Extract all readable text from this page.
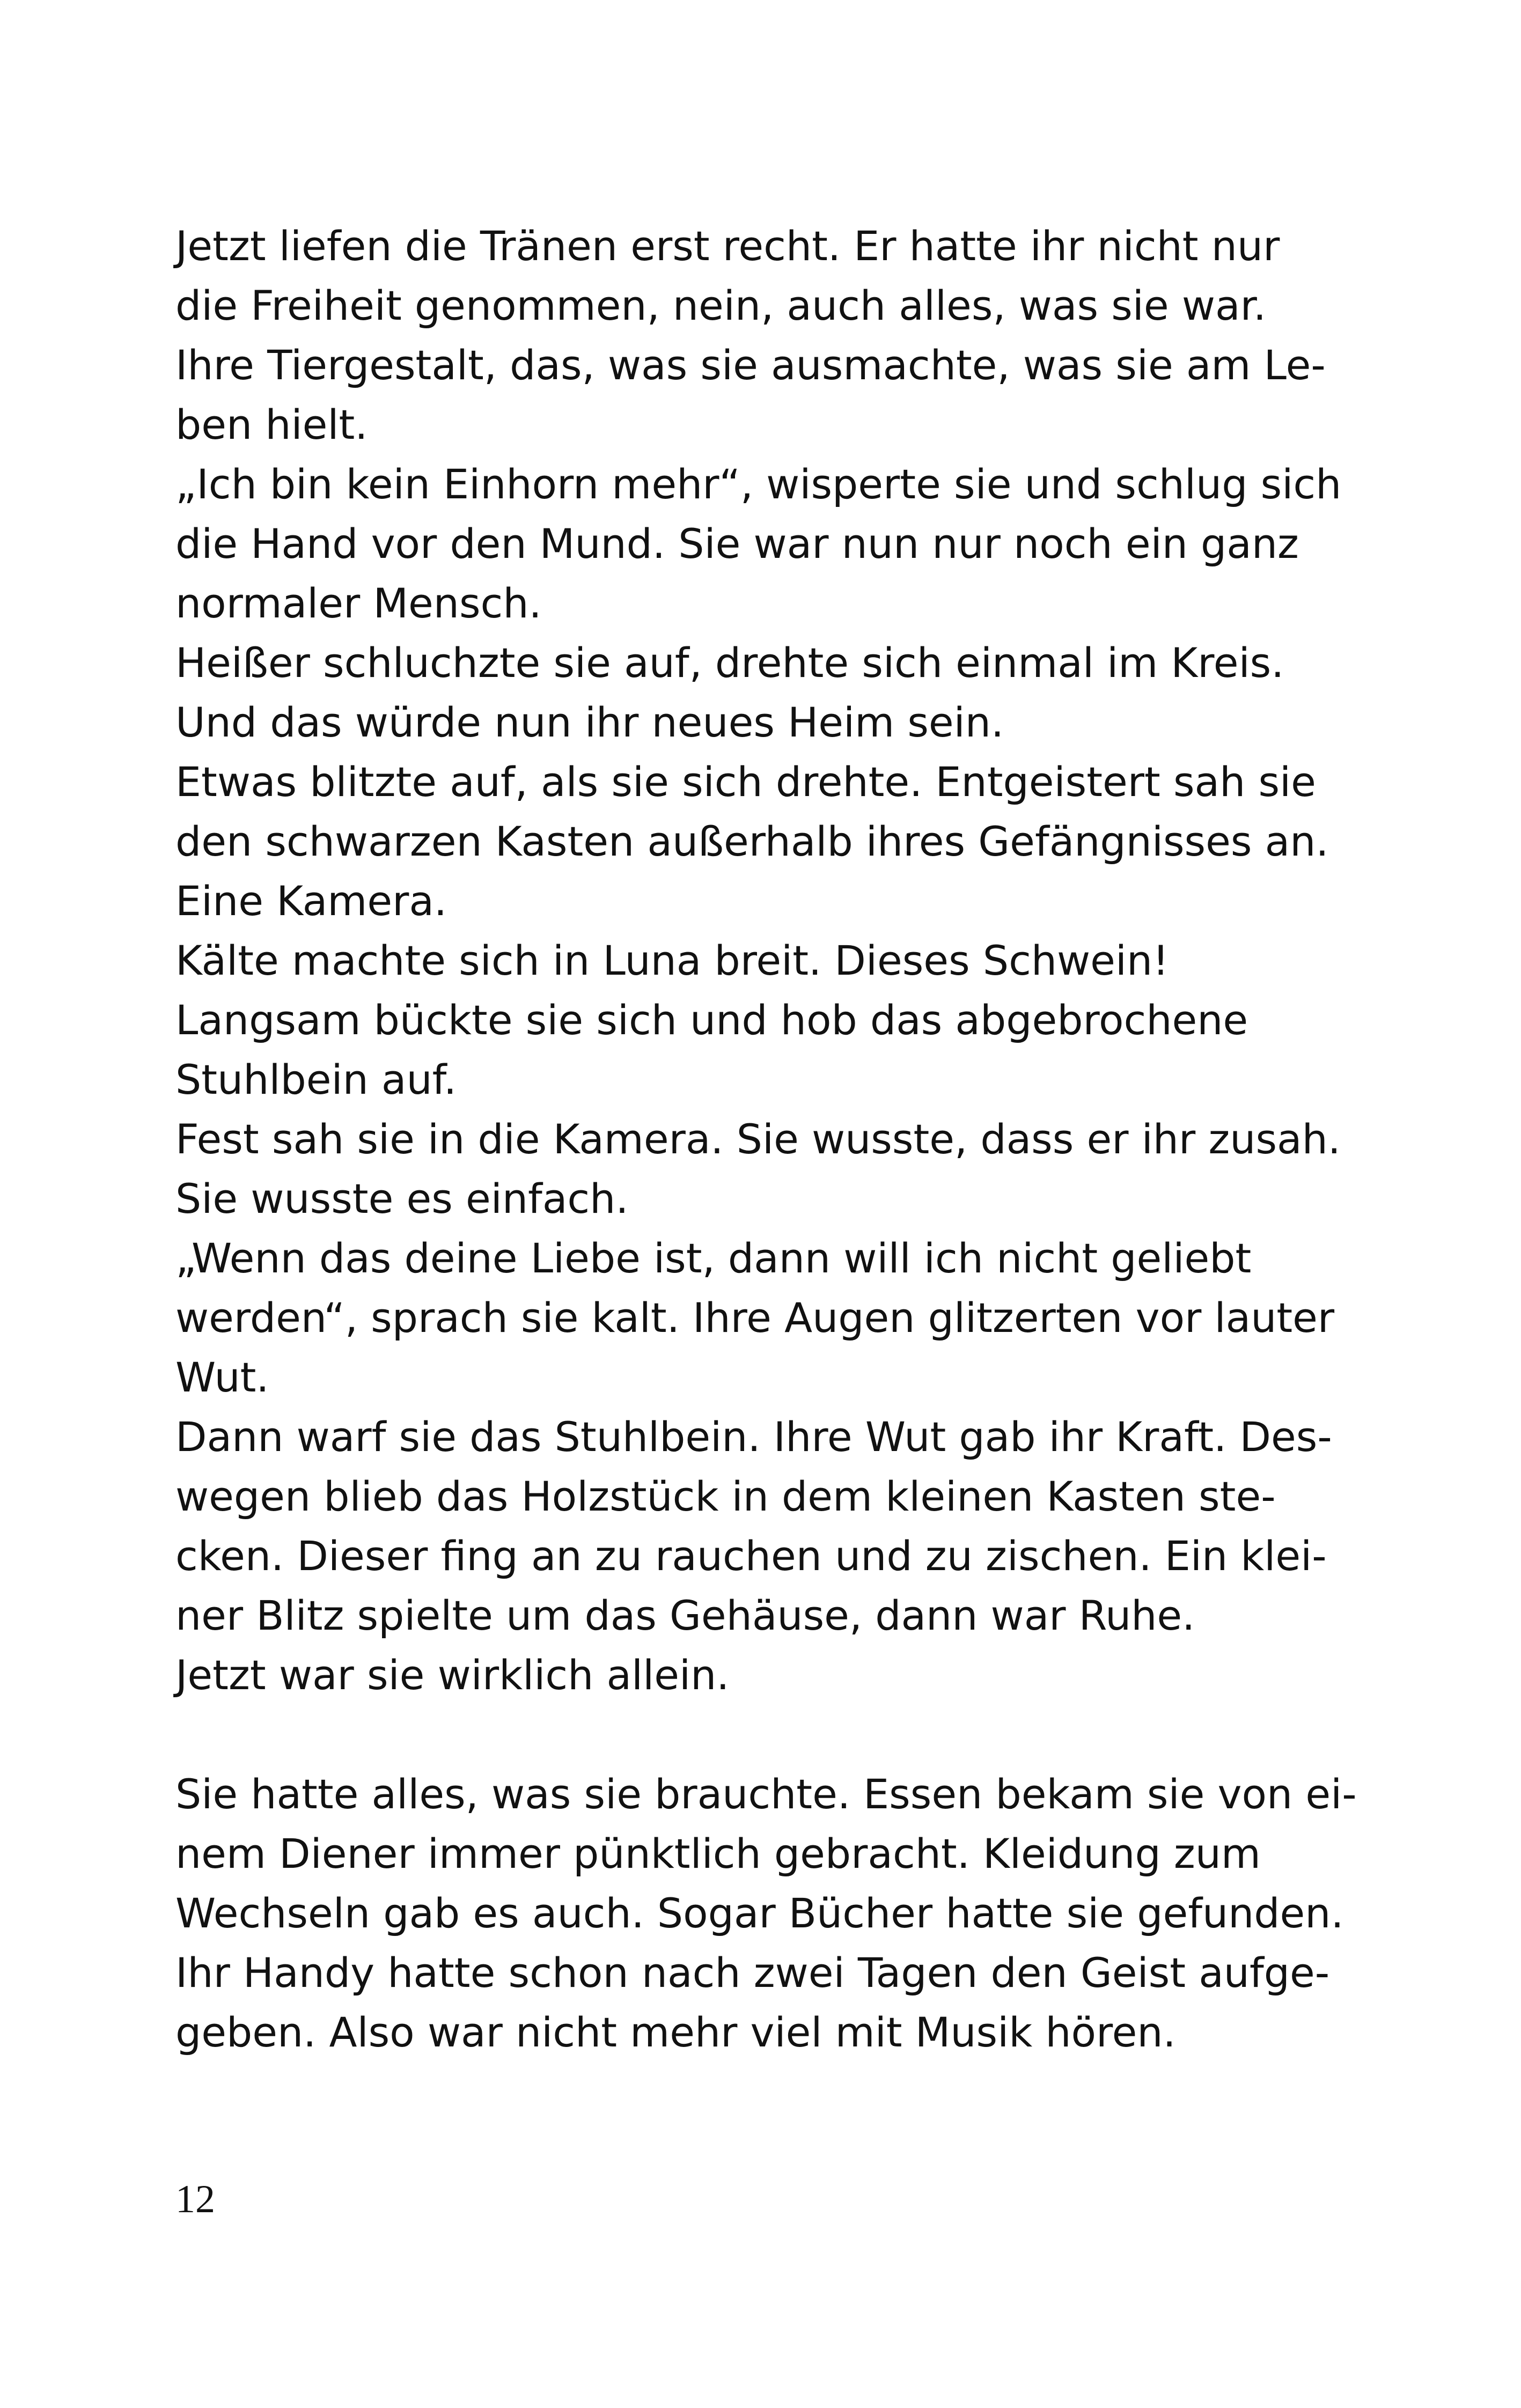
Jetzt liefen die Tränen erst recht. Er hatte ihr nicht nur
die Freiheit genommen, nein, auch alles, was sie war.
Ihre Tiergestalt, das, was sie ausmachte, was sie am Le-
ben hielt.
„Ich bin kein Einhorn mehr“, wisperte sie und schlug sich
die Hand vor den Mund. Sie war nun nur noch ein ganz
normaler Mensch.
Heißer schluchzte sie auf, drehte sich einmal im Kreis.
Und das würde nun ihr neues Heim sein.
Etwas blitzte auf, als sie sich drehte. Entgeistert sah sie
den schwarzen Kasten außerhalb ihres Gefängnisses an.
Eine Kamera.
Kälte machte sich in Luna breit. Dieses Schwein!
Langsam bückte sie sich und hob das abgebrochene
Stuhlbein auf.
Fest sah sie in die Kamera. Sie wusste, dass er ihr zusah.
Sie wusste es einfach.
„Wenn das deine Liebe ist, dann will ich nicht geliebt
werden“, sprach sie kalt. Ihre Augen glitzerten vor lauter
Wut.
Dann warf sie das Stuhlbein. Ihre Wut gab ihr Kraft. Des-
wegen blieb das Holzstück in dem kleinen Kasten ste-
cken. Dieser fing an zu rauchen und zu zischen. Ein klei-
ner Blitz spielte um das Gehäuse, dann war Ruhe.
Jetzt war sie wirklich allein.
Sie hatte alles, was sie brauchte. Essen bekam sie von ei-
nem Diener immer pünktlich gebracht. Kleidung zum
Wechseln gab es auch. Sogar Bücher hatte sie gefunden.
Ihr Handy hatte schon nach zwei Tagen den Geist aufge-
geben. Also war nicht mehr viel mit Musik hören.
12
